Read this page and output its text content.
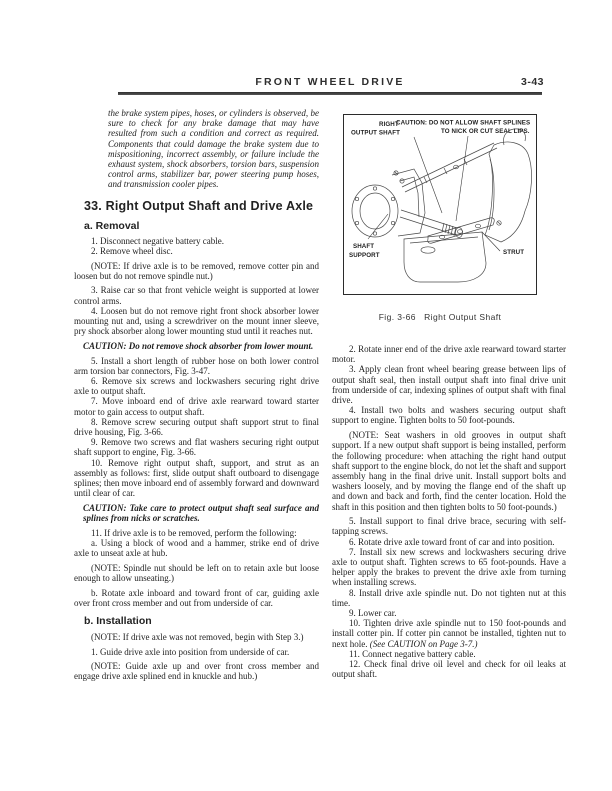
FRONT WHEEL DRIVE	3-43

the brake system pipes, hoses, or cylinders is observed, be sure to check for any brake damage that may have resulted from such a condition and correct as required. Components that could damage the brake system due to mispositioning, incorrect assembly, or failure include the exhaust system, shock absorbers, torsion bars, suspension control arms, stabilizer bar, power steering pump hoses, and transmission cooler pipes.

33. Right Output Shaft and Drive Axle

a. Removal

1. Disconnect negative battery cable.

2. Remove wheel disc.

(NOTE: If drive axle is to be removed, remove cotter pin and loosen but do not remove spindle nut.)

3. Raise car so that front vehicle weight is supported at lower control arms.

4. Loosen but do not remove right front shock absorber lower mounting nut and, using a screwdriver on the mount inner sleeve, pry shock absorber along lower mounting stud until it reaches nut.

CAUTION: Do not remove shock absorber from lower mount.

5. Install a short length of rubber hose on both lower control arm torsion bar connectors, Fig. 3-47.

6. Remove six screws and lockwashers securing right drive axle to output shaft.

7. Move inboard end of drive axle rearward toward starter motor to gain access to output shaft.

8. Remove screw securing output shaft support strut to final drive housing, Fig. 3-66.

9. Remove two screws and flat washers securing right output shaft support to engine, Fig. 3-66.

10. Remove right output shaft, support, and strut as an assembly as follows: first, slide output shaft outboard to disengage splines; then move inboard end of assembly forward and downward until clear of car.

CAUTION: Take care to protect output shaft seal surface and splines from nicks or scratches.

11. If drive axle is to be removed, perform the following:

a. Using a block of wood and a hammer, strike end of drive axle to unseat axle at hub.

(NOTE: Spindle nut should be left on to retain axle but loose enough to allow unseating.)

b. Rotate axle inboard and toward front of car, guiding axle over front cross member and out from underside of car.

b. Installation

(NOTE: If drive axle was not removed, begin with Step 3.)

1. Guide drive axle into position from underside of car.

(NOTE: Guide axle up and over front cross member and engage drive axle splined end in knuckle and hub.)

RIGHT
OUTPUT SHAFT
CAUTION: DO NOT ALLOW SHAFT SPLINES
TO NICK OR CUT SEAL LIPS.
SHAFT
SUPPORT	STRUT
Fig. 3-66   Right Output Shaft

2. Rotate inner end of the drive axle rearward toward starter motor.

3. Apply clean front wheel bearing grease between lips of output shaft seal, then install output shaft into final drive unit from underside of car, indexing splines of output shaft with final drive.

4. Install two bolts and washers securing output shaft support to engine. Tighten bolts to 50 foot-pounds.

(NOTE: Seat washers in old grooves in output shaft support. If a new output shaft support is being installed, perform the following procedure: when attaching the right hand output shaft support to the engine block, do not let the shaft and support assembly hang in the final drive unit. Install support bolts and washers loosely, and by moving the flange end of the shaft up and down and back and forth, find the center location. Hold the shaft in this position and then tighten bolts to 50 foot-pounds.)

5. Install support to final drive brace, securing with self-tapping screws.

6. Rotate drive axle toward front of car and into position.

7. Install six new screws and lockwashers securing drive axle to output shaft. Tighten screws to 65 foot-pounds. Have a helper apply the brakes to prevent the drive axle from turning when installing screws.

8. Install drive axle spindle nut. Do not tighten nut at this time.

9. Lower car.

10. Tighten drive axle spindle nut to 150 foot-pounds and install cotter pin. If cotter pin cannot be installed, tighten nut to next hole. (See CAUTION on Page 3-7.)

11. Connect negative battery cable.

12. Check final drive oil level and check for oil leaks at output shaft.
